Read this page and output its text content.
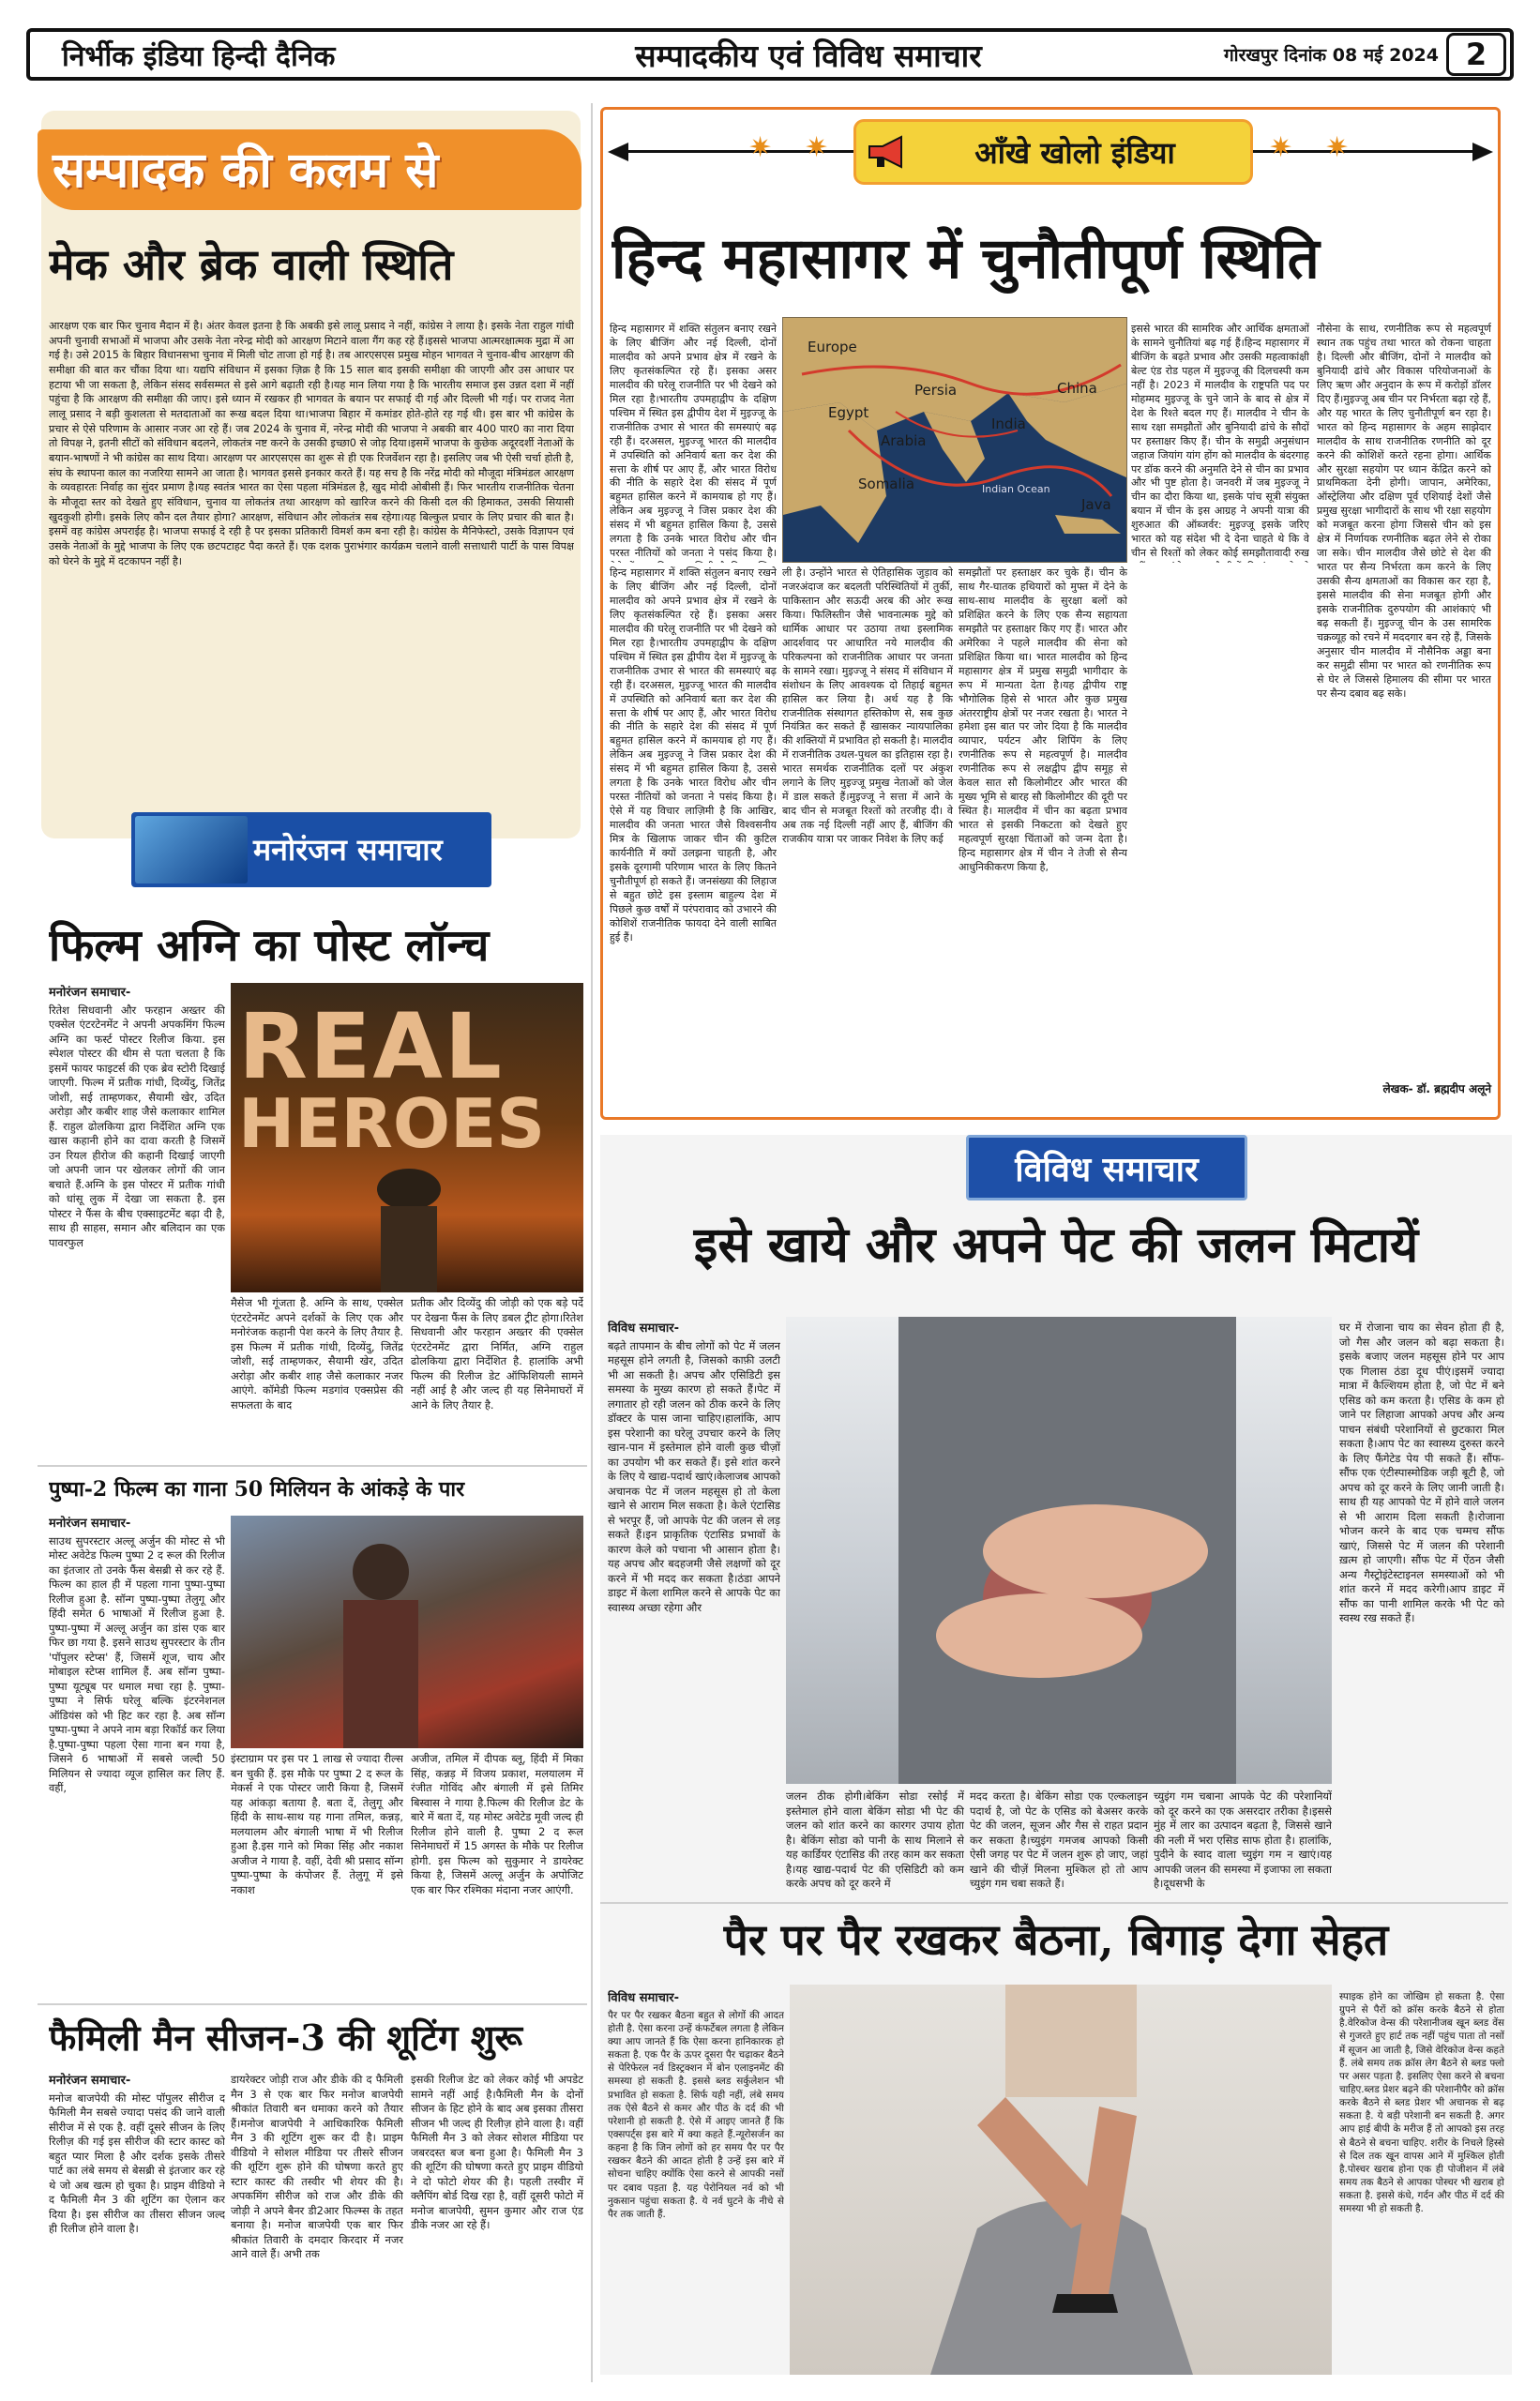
निर्भीक इंडिया हिन्दी दैनिक	सम्पादकीय एवं विविध समाचार	गोरखपुर दिनांक 08 मई 2024 2
सम्पादक की कलम से
मेक और ब्रेक वाली स्थिति
आरक्षण एक बार फिर चुनाव मैदान में है। अंतर केवल इतना है कि अबकी इसे लालू प्रसाद ने नहीं, कांग्रेस ने लाया है। इसके नेता राहुल गांधी अपनी चुनावी सभाओं में भाजपा और उसके नेता नरेन्द्र मोदी को आरक्षण मिटाने वाला गैंग कह रहे हैं।इससे भाजपा आत्मरक्षात्मक मुद्रा में आ गई है। उसे 2015 के बिहार विधानसभा चुनाव में मिली चोट ताजा हो गई है। तब आरएसएस प्रमुख मोहन भागवत ने चुनाव-बीच आरक्षण की समीक्षा की बात कर चौंका दिया था। यद्यपि संविधान में इसका ज़िक्र है कि 15 साल बाद इसकी समीक्षा की जाएगी और उस आधार पर हटाया भी जा सकता है, लेकिन संसद सर्वसम्मत से इसे आगे बढ़ाती रही है।यह मान लिया गया है कि भारतीय समाज इस उन्नत दशा में नहीं पहुंचा है कि आरक्षण की समीक्षा की जाए। इसे ध्यान में रखकर ही भागवत के बयान पर सफाई दी गई और दिल्ली भी गई। पर राजद नेता लालू प्रसाद ने बड़ी कुशलता से मतदाताओं का रूख बदल दिया था।भाजपा बिहार में कमांडर होते-होते रह गई थी। इस बार भी कांग्रेस के प्रचार से ऐसे परिणाम के आसार नजर आ रहे हैं। जब 2024 के चुनाव में, नरेन्द्र मोदी की भाजपा ने अबकी बार 400 पार0 का नारा दिया तो विपक्ष ने, इतनी सीटों को संविधान बदलने, लोकतंत्र नष्ट करने के उसकी इच्छा0 से जोड़ दिया।इसमें भाजपा के कुछेक अदूरदर्शी नेताओं के बयान-भाषणों ने भी कांग्रेस का साथ दिया। आरक्षण पर आरएसएस का शुरू से ही एक रिजर्वेशन रहा है। इसलिए जब भी ऐसी चर्चा होती है, संघ के स्थापना काल का नजरिया सामने आ जाता है। भागवत इससे इनकार करते हैं। यह सच है कि नरेंद्र मोदी को मौजूदा मंत्रिमंडल आरक्षण के व्यवहारतः निर्वाह का सुंदर प्रमाण है।यह स्वतंत्र भारत का ऐसा पहला मंत्रिमंडल है, खुद मोदी ओबीसी हैं। फिर भारतीय राजनीतिक चेतना के मौजूदा स्तर को देखते हुए संविधान, चुनाव या लोकतंत्र तथा आरक्षण को खारिज करने की किसी दल की हिमाकत, उसकी सियासी खुदकुशी होगी। इसके लिए कौन दल तैयार होगा? आरक्षण, संविधान और लोकतंत्र सब रहेगा।यह बिल्कुल प्रचार के लिए प्रचार की बात है। इसमें वह कांग्रेस अपराईह है। भाजपा सफाई दे रही है पर इसका प्रतिकारी विमर्श कम बना रही है। कांग्रेस के मैनिफेस्टो, उसके विज्ञापन एवं उसके नेताओं के मुद्दे भाजपा के लिए एक छटपटाहट पैदा करते हैं। एक दशक पुराभंगार कार्यक्रम चलाने वाली सत्ताधारी पार्टी के पास विपक्ष को घेरने के मुद्दे में दटकापन नहीं है।
✷ ✷	✷ ✷
आँखे खोलो इंडिया
हिन्द महासागर में चुनौतीपूर्ण स्थिति
हिन्द महासागर में शक्ति संतुलन बनाए रखने के लिए बीजिंग और नई दिल्ली, दोनों मालदीव को अपने प्रभाव क्षेत्र में रखने के लिए कृतसंकल्पित रहे हैं। इसका असर मालदीव की घरेलू राजनीति पर भी देखने को मिल रहा है।भारतीय उपमहाद्वीप के दक्षिण पश्चिम में स्थित इस द्वीपीय देश में मुइज्जू के राजनीतिक उभार से भारत की समस्याएं बढ़ रही हैं। दरअसल, मुइज्जू भारत की मालदीव में उपस्थिति को अनिवार्य बता कर देश की सत्ता के शीर्ष पर आए हैं, और भारत विरोध की नीति के सहारे देश की संसद में पूर्ण बहुमत हासिल करने में कामयाब हो गए हैं।लेकिन अब मुइज्जू ने जिस प्रकार देश की संसद में भी बहुमत हासिल किया है, उससे लगता है कि उनके भारत विरोध और चीन परस्त नीतियों को जनता ने पसंद किया है।
Europe
Persia	China
India
Egypt
Arabia
Somalia	Indian Ocean
Java
इससे भारत की सामरिक और आर्थिक क्षमताओं के सामने चुनौतियां बढ़ गई हैं।हिन्द महासागर में बीजिंग के बढ़ते प्रभाव और उसकी महत्वाकांक्षी बेल्ट एंड रोड पहल में मुइज्जू की दिलचस्पी कम नहीं है। 2023 में मालदीव के राष्ट्रपति पद पर मोहम्मद मुइज्जू के चुने जाने के बाद से क्षेत्र में देश के रिश्ते बदल गए हैं। मालदीव ने चीन के साथ रक्षा समझौतों और बुनियादी ढांचे के सौदों पर हस्ताक्षर किए हैं। चीन के समुद्री अनुसंधान जहाज जियांग यांग होंग को मालदीव के बंदरगाह पर डॉक करने की अनुमति देने से चीन का प्रभाव और भी पुष्ट होता है। जनवरी में जब मुइज्जू ने चीन का दौरा किया था, इसके पांच सूत्री संयुक्त बयान में चीन के इस आग्रह ने अपनी यात्रा की शुरुआत की ऑब्जर्वर: मुइज्जू इसके जरिए भारत को यह संदेश भी दे देना चाहते थे कि वे चीन से रिश्तों को लेकर कोई समझौतावादी रुख
नौसेना के साथ, रणनीतिक रूप से महत्वपूर्ण स्थान तक पहुंच तथा भारत को रोकना चाहता है। दिल्ली और बीजिंग, दोनों ने मालदीव को बुनियादी ढांचे और विकास परियोजनाओं के लिए ऋण और अनुदान के रूप में करोड़ों डॉलर दिए हैं।मुइज्जू अब चीन पर निर्भरता बढ़ा रहे हैं, और यह भारत के लिए चुनौतीपूर्ण बन रहा है।भारत को हिन्द महासागर के अहम साझेदार मालदीव के साथ राजनीतिक रणनीति को दूर करने की कोशिशें करते रहना होगा। आर्थिक और सुरक्षा सहयोग पर ध्यान केंद्रित करने को प्राथमिकता देनी होगी। जापान, अमेरिका, ऑस्ट्रेलिया और दक्षिण पूर्व एशियाई देशों जैसे प्रमुख सुरक्षा भागीदारों के साथ भी रक्षा सहयोग को मजबूत करना होगा जिससे चीन को इस क्षेत्र में निर्णायक रणनीतिक बढ़त लेने से रोका जा सके। चीन मालदीव जैसे छोटे से देश की भारत पर सैन्य निर्भरता कम करने के लिए उसकी सैन्य क्षमताओं का विकास कर रहा है, इससे मालदीव की सेना मजबूत होगी और इसके राजनीतिक दुरुपयोग की आशंकाएं भी बढ़ सकती हैं। मुइज्जू चीन के उस सामरिक चक्रव्यूह को रचने में मददगार बन रहे हैं, जिसके अनुसार चीन मालदीव में नौसैनिक अड्डा बना कर समुद्री सीमा पर भारत को रणनीतिक रूप से घेर ले जिससे हिमालय की सीमा पर भारत पर सैन्य दबाव बढ़ सके।
हिन्द महासागर में शक्ति संतुलन बनाए रखने के लिए बीजिंग और नई दिल्ली, दोनों मालदीव को अपने प्रभाव क्षेत्र में रखने के लिए कृतसंकल्पित रहे हैं। इसका असर मालदीव की घरेलू राजनीति पर भी देखने को मिल रहा है।भारतीय उपमहाद्वीप के दक्षिण पश्चिम में स्थित इस द्वीपीय देश में मुइज्जू के राजनीतिक उभार से भारत की समस्याएं बढ़ रही हैं। दरअसल, मुइज्जू भारत की मालदीव में उपस्थिति को अनिवार्य बता कर देश की सत्ता के शीर्ष पर आए हैं, और भारत विरोध की नीति के सहारे देश की संसद में पूर्ण बहुमत हासिल करने में कामयाब हो गए हैं।लेकिन अब मुइज्जू ने जिस प्रकार देश की संसद में भी बहुमत हासिल किया है, उससे लगता है कि उनके भारत विरोध और चीन परस्त नीतियों को जनता ने पसंद किया है। ऐसे में यह विचार लाज़िमी है कि आखिर, मालदीव की जनता भारत जैसे विश्वसनीय मित्र के खिलाफ जाकर चीन की कुटिल कार्यनीति में क्यों उलझना चाहती है, और इसके दूरगामी परिणाम भारत के लिए कितने चुनौतीपूर्ण हो सकते हैं। जनसंख्या की लिहाज से बहुत छोटे इस इस्लाम बाहुल्य देश में पिछले कुछ वर्षों में परंपरावाद को उभारने की कोशिशें राजनीतिक फायदा देने वाली साबित हुई हैं।
ली है। उन्होंने भारत से ऐतिहासिक जुड़ाव को नजरअंदाज कर बदलती परिस्थितियों में तुर्की, पाकिस्तान और सऊदी अरब की ओर रूख किया। फिलिस्तीन जैसे भावनात्मक मुद्दे को धार्मिक आधार पर उठाया तथा इस्लामिक आदर्शवाद पर आधारित नये मालदीव की परिकल्पना को राजनीतिक आधार पर जनता के सामने रखा। मुइज्जू ने संसद में संविधान में संशोधन के लिए आवश्यक दो तिहाई बहुमत हासिल कर लिया है। अर्थ यह है कि राजनीतिक संस्थागत हस्तिकोण से, सब कुछ नियंत्रित कर सकते हैं खासकर न्यायपालिका की शक्तियों में प्रभावित हो सकती है। मालदीव में राजनीतिक उथल-पुथल का इतिहास रहा है। भारत समर्थक राजनीतिक दलों पर अंकुश लगाने के लिए मुइज्जू प्रमुख नेताओं को जेल में डाल सकते हैं।मुइज्जू ने सत्ता में आने के बाद चीन से मजबूत रिश्तों को तरजीह दी। वे अब तक नई दिल्ली नहीं आए हैं, बीजिंग की राजकीय यात्रा पर जाकर निवेश के लिए कई
समझौतों पर हस्ताक्षर कर चुके हैं। चीन के साथ गैर-घातक हथियारों को मुफ्त में देने के साथ-साथ मालदीव के सुरक्षा बलों को प्रशिक्षित करने के लिए एक सैन्य सहायता समझौते पर हस्ताक्षर किए गए हैं। भारत और अमेरिका ने पहले मालदीव की सेना को प्रशिक्षित किया था। भारत मालदीव को हिन्द महासागर क्षेत्र में प्रमुख समुद्री भागीदार के रूप में मान्यता देता है।यह द्वीपीय राष्ट्र भौगोलिक हिसे से भारत और कुछ प्रमुख अंतरराष्ट्रीय क्षेत्रों पर नजर रखता है। भारत ने हमेशा इस बात पर जोर दिया है कि मालदीव व्यापार, पर्यटन और शिपिंग के लिए रणनीतिक रूप से महत्वपूर्ण है। मालदीव रणनीतिक रूप से लक्षद्वीप द्वीप समूह से केवल सात सौ किलोमीटर और भारत की मुख्य भूमि से बारह सौ किलोमीटर की दूरी पर स्थित है। मालदीव में चीन का बढ़ता प्रभाव भारत से इसकी निकटता को देखते हुए महत्वपूर्ण सुरक्षा चिंताओं को जन्म देता है। हिन्द महासागर क्षेत्र में चीन ने तेजी से सैन्य आधुनिकीकरण किया है,
लेखक- डॉ. ब्रह्मदीप अलूने
मनोरंजन समाचार
फिल्म अग्नि का पोस्ट लॉन्च
मनोरंजन समाचार-
रितेश सिधवानी और फरहान अख्तर की एक्सेल एंटरटेनमेंट ने अपनी अपकमिंग फिल्म अग्नि का फर्स्ट पोस्टर रिलीज किया. इस स्पेशल पोस्टर की थीम से पता चलता है कि इसमें फायर फाइटर्स की एक ब्रेव स्टोरी दिखाई जाएगी. फिल्म में प्रतीक गांधी, दिव्येंदु, जितेंद्र जोशी, सई ताम्हणकर, सैयामी खेर, उदित अरोड़ा और कबीर शाह जैसे कलाकार शामिल हैं. राहुल ढोलकिया द्वारा निर्देशित अग्नि एक खास कहानी होने का दावा करती है जिसमें उन रियल हीरोज की कहानी दिखाई जाएगी जो अपनी जान पर खेलकर लोगों की जान बचाते हैं.अग्नि के इस पोस्टर में प्रतीक गांधी को धांसू लुक में देखा जा सकता है. इस पोस्टर ने फैंस के बीच एक्साइटमेंट बढ़ा दी है, साथ ही साहस, समान और बलिदान का एक पावरफुल
REAL
HEROES
मैसेज भी गूंजता है. अग्नि के साथ, एक्सेल एंटरटेनमेंट अपने दर्शकों के लिए एक और मनोरंजक कहानी पेश करने के लिए तैयार है. इस फिल्म में प्रतीक गांधी, दिव्येंदु, जितेंद्र जोशी, सई ताम्हणकर, सैयामी खेर, उदित अरोड़ा और कबीर शाह जैसे कलाकार नजर आएंगे. कॉमेडी फिल्म मडगांव एक्सप्रेस की सफलता के बाद
प्रतीक और दिव्येंदु की जोड़ी को एक बड़े पर्दे पर देखना फैंस के लिए डबल ट्रीट होगा।रितेश सिधवानी और फरहान अख्तर की एक्सेल एंटरटेनमेंट द्वारा निर्मित, अग्नि राहुल ढोलकिया द्वारा निर्देशित है. हालांकि अभी फिल्म की रिलीज डेट ऑफिशियली सामने नहीं आई है और जल्द ही यह सिनेमाघरों में आने के लिए तैयार है.
पुष्पा-2 फिल्म का गाना 50 मिलियन के आंकड़े के पार
मनोरंजन समाचार-
साउथ सुपरस्टार अल्लू अर्जुन की मोस्ट से भी मोस्ट अवेटेड फिल्म पुष्पा 2 द रूल की रिलीज का इंतजार तो उनके फैंस बेसब्री से कर रहे हैं. फिल्म का हाल ही में पहला गाना पुष्पा-पुष्पा रिलीज हुआ है. सॉन्ग पुष्पा-पुष्पा तेलुगू और हिंदी समेत 6 भाषाओं में रिलीज हुआ है. पुष्पा-पुष्पा में अल्लू अर्जुन का डांस एक बार फिर छा गया है. इसने साउथ सुपरस्टार के तीन 'पॉपुलर स्टेप्स' हैं, जिसमें शूज, चाय और मोबाइल स्टेप्स शामिल हैं. अब सॉन्ग पुष्पा-पुष्पा यूट्यूब पर धमाल मचा रहा है. पुष्पा-पुष्पा ने सिर्फ घरेलू बल्कि इंटरनेशनल ऑडियंस को भी हिट कर रहा है. अब सॉन्ग पुष्पा-पुष्पा ने अपने नाम बड़ा रिकॉर्ड कर लिया है.पुष्पा-पुष्पा पहला ऐसा गाना बन गया है, जिसने 6 भाषाओं में सबसे जल्दी 50 मिलियन से ज्यादा व्यूज हासिल कर लिए हैं. वहीं,
इंस्टाग्राम पर इस पर 1 लाख से ज्यादा रील्स बन चुकी हैं. इस मौके पर पुष्पा 2 द रूल के मेकर्स ने एक पोस्टर जारी किया है, जिसमें यह आंकड़ा बताया है. बता दें, तेलुगू और हिंदी के साथ-साथ यह गाना तमिल, कन्नड़, मलयालम और बंगाली भाषा में भी रिलीज हुआ है.इस गाने को मिका सिंह और नकाश अजीज ने गाया है. वहीं, देवी श्री प्रसाद सॉन्ग पुष्पा-पुष्पा के कंपोजर हैं. तेलुगू में इसे नकाश
अजीज, तमिल में दीपक ब्लू, हिंदी में मिका सिंह, कन्नड़ में विजय प्रकाश, मलयालम में रंजीत गोविंद और बंगाली में इसे तिमिर बिस्वास ने गाया है.फिल्म की रिलीज डेट के बारे में बता दें, यह मोस्ट अवेटेड मूवी जल्द ही रिलीज होने वाली है. पुष्पा 2 द रूल सिनेमाघरों में 15 अगस्त के मौके पर रिलीज होगी. इस फिल्म को सुकुमार ने डायरेक्ट किया है, जिसमें अल्लू अर्जुन के अपोजिट एक बार फिर रश्मिका मंदाना नजर आएंगी.
फैमिली मैन सीजन-3 की शूटिंग शुरू
मनोरंजन समाचार-
मनोज बाजपेयी की मोस्ट पॉपुलर सीरीज द फैमिली मैन सबसे ज्यादा पसंद की जाने वाली सीरीज में से एक है. वहीं दूसरे सीजन के लिए रिलीज़ की गई इस सीरीज की स्टार कास्ट को बहुत प्यार मिला है और दर्शक इसके तीसरे पार्ट का लंबे समय से बेसब्री से इंतजार कर रहे थे जो अब खत्म हो चुका है। प्राइम वीडियो ने द फैमिली मैन 3 की शूटिंग का ऐलान कर दिया है। इस सीरीज का तीसरा सीजन जल्द ही रिलीज होने वाला है।
डायरेक्टर जोड़ी राज और डीके की द फैमिली मैन 3 से एक बार फिर मनोज बाजपेयी श्रीकांत तिवारी बन धमाका करने को तैयार हैं।मनोज बाजपेयी ने आधिकारिक फैमिली मैन 3 की शूटिंग शुरू कर दी है। प्राइम वीडियो ने सोशल मीडिया पर तीसरे सीजन की शूटिंग शुरू होने की घोषणा करते हुए स्टार कास्ट की तस्वीर भी शेयर की है। अपकमिंग सीरीज को राज और डीके की जोड़ी ने अपने बैनर डी2आर फिल्म्स के तहत बनाया है। मनोज बाजपेयी एक बार फिर श्रीकांत तिवारी के दमदार किरदार में नजर आने वाले हैं। अभी तक
इसकी रिलीज डेट को लेकर कोई भी अपडेट सामने नहीं आई है।फैमिली मैन के दोनों सीजन के हिट होने के बाद अब इसका तीसरा सीजन भी जल्द ही रिलीज़ होने वाला है। वहीं फैमिली मैन 3 को लेकर सोशल मीडिया पर जबरदस्त बज बना हुआ है। फैमिली मैन 3 की शूटिंग की घोषणा करते हुए प्राइम वीडियो ने दो फोटो शेयर की है। पहली तस्वीर में क्लैपिंग बोर्ड दिख रहा है, वहीं दूसरी फोटो में मनोज बाजपेयी, सुमन कुमार और राज एंड डीके नजर आ रहे हैं।
विविध समाचार
इसे खाये और अपने पेट की जलन मिटायें
विविध समाचार-
बढ़ते तापमान के बीच लोगों को पेट में जलन महसूस होने लगती है, जिसको काफ़ी उलटी भी आ सकती है। अपच और एसिडिटी इस समस्या के मुख्य कारण हो सकते हैं।पेट में लगातार हो रही जलन को ठीक करने के लिए डॉक्टर के पास जाना चाहिए।हालांकि, आप इस परेशानी का घरेलू उपचार करने के लिए खान-पान में इस्तेमाल होने वाली कुछ चीज़ों का उपयोग भी कर सकते हैं। इसे शांत करने के लिए ये खाद्य-पदार्थ खाएं।केलाजब आपको अचानक पेट में जलन महसूस हो तो केला खाने से आराम मिल सकता है। केले एंटासिड से भरपूर हैं, जो आपके पेट की जलन से लड़ सकते हैं।इन प्राकृतिक एंटासिड प्रभावों के कारण केले को पचाना भी आसान होता है। यह अपच और बदहजमी जैसे लक्षणों को दूर करने में भी मदद कर सकता है।ठंडा आपने डाइट में केला शामिल करने से आपके पेट का स्वास्थ्य अच्छा रहेगा और
जलन ठीक होगी।बेकिंग सोडा रसोई में इस्तेमाल होने वाला बेकिंग सोडा भी पेट की जलन को शांत करने का कारगर उपाय होता है। बेकिंग सोडा को पानी के साथ मिलाने से यह कार्डियर एंटासिड की तरह काम कर सकता है।यह खाद्य-पदार्थ पेट की एसिडिटी को कम करके अपच को दूर करने में
मदद करता है। बेकिंग सोडा एक एल्कलाइन पदार्थ है, जो पेट के एसिड को बेअसर करके पेट की जलन, सूजन और गैस से राहत प्रदान कर सकता है।च्युइंग गमजब आपको किसी ऐसी जगह पर पेट में जलन शुरू हो जाए, जहां खाने की चीज़ें मिलना मुश्किल हो तो आप च्युइंग गम चबा सकते हैं।
च्युइंग गम चबाना आपके पेट की परेशानियों को दूर करने का एक असरदार तरीका है।इससे मुंह में लार का उत्पादन बढ़ता है, जिससे खाने की नली में भरा एसिड साफ होता है। हालांकि, पुदीने के स्वाद वाला च्युइंग गम न खाएं।यह आपकी जलन की समस्या में इजाफा ला सकता है।दूधसभी के
घर में रोजाना चाय का सेवन होता ही है, जो गैस और जलन को बढ़ा सकता है। इसके बजाए जलन महसूस होने पर आप एक गिलास ठंडा दूध पीएं।इसमें ज्यादा मात्रा में कैल्शियम होता है, जो पेट में बने एसिड को कम करता है। एसिड के कम हो जाने पर लिहाजा आपको अपच और अन्य पाचन संबंधी परेशानियों से छुटकारा मिल सकता है।आप पेट का स्वास्थ्य दुरुस्त करने के लिए फैंगेटेड पेय पी सकते हैं। सौंफ- सौंफ एक एंटीस्पास्मोडिक जड़ी बूटी है, जो अपच को दूर करने के लिए जानी जाती है। साथ ही यह आपको पेट में होने वाले जलन से भी आराम दिला सकती है।रोजाना भोजन करने के बाद एक चम्मच सौंफ खाएं, जिससे पेट में जलन की परेशानी ख़त्म हो जाएगी। सौंफ पेट में ऐंठन जैसी अन्य गैस्ट्रोइंटेस्टाइनल समस्याओं को भी शांत करने में मदद करेगी।आप डाइट में सौंफ का पानी शामिल करके भी पेट को स्वस्थ रख सकते हैं।
पैर पर पैर रखकर बैठना, बिगाड़ देगा सेहत
विविध समाचार-
पैर पर पैर रखकर बैठना बहुत से लोगों की आदत होती है. ऐसा करना उन्हें कंफर्टेबल लगता है लेकिन क्या आप जानते हैं कि ऐसा करना हानिकारक हो सकता है. एक पैर के ऊपर दूसरा पैर चढ़ाकर बैठने से पेरिफेरल नर्व डिस्ट्रक्शन में बोन एलाइनमेंट की समस्या हो सकती है. इससे ब्लड सर्कुलेशन भी प्रभावित हो सकता है. सिर्फ यही नहीं, लंबे समय तक ऐसे बैठने से कमर और पीठ के दर्द की भी परेशानी हो सकती है. ऐसे में आइए जानते हैं कि एक्सपर्ट्स इस बारे में क्या कहते हैं.न्यूरोसर्जन का कहना है कि जिन लोगों को हर समय पैर पर पैर रखकर बैठने की आदत होती है उन्हें इस बारे में सोचना चाहिए क्योंकि ऐसा करने से आपकी नसों पर दबाव पड़ता है. यह पेरोनियल नर्व को भी नुकसान पहुंचा सकता है. ये नर्व घुटने के नीचे से पैर तक जाती हैं.
स्पाइक होने का जोखिम हो सकता है. ऐसा ग्रुपने से पैरों को क्रॉस करके बैठने से होता है.वेरिकोज वेन्स की परेशानीजब खून ब्लड वेंस से गुजरते हुए हार्ट तक नहीं पहुंच पाता तो नसों में सूजन आ जाती है, जिसे वेरिकोज वेन्स कहते हैं. लंबे समय तक क्रॉस लेग बैठने से ब्लड फ्लो पर असर पड़ता है. इसलिए ऐसा करने से बचना चाहिए.ब्लड प्रेशर बढ़ने की परेशानीपैर को क्रॉस करके बैठने से ब्लड प्रेशर भी अचानक से बढ़ सकता है. ये बड़ी परेशानी बन सकती है. अगर आप हाई बीपी के मरीज हैं तो आपको इस तरह से बैठने से बचना चाहिए. शरीर के निचले हिस्से से दिल तक खून वापस आने में मुश्किल होती है.पोस्चर खराब होना एक ही पोजीशन में लंबे समय तक बैठने से आपका पोस्चर भी खराब हो सकता है. इससे कंधे, गर्दन और पीठ में दर्द की समस्या भी हो सकती है.
